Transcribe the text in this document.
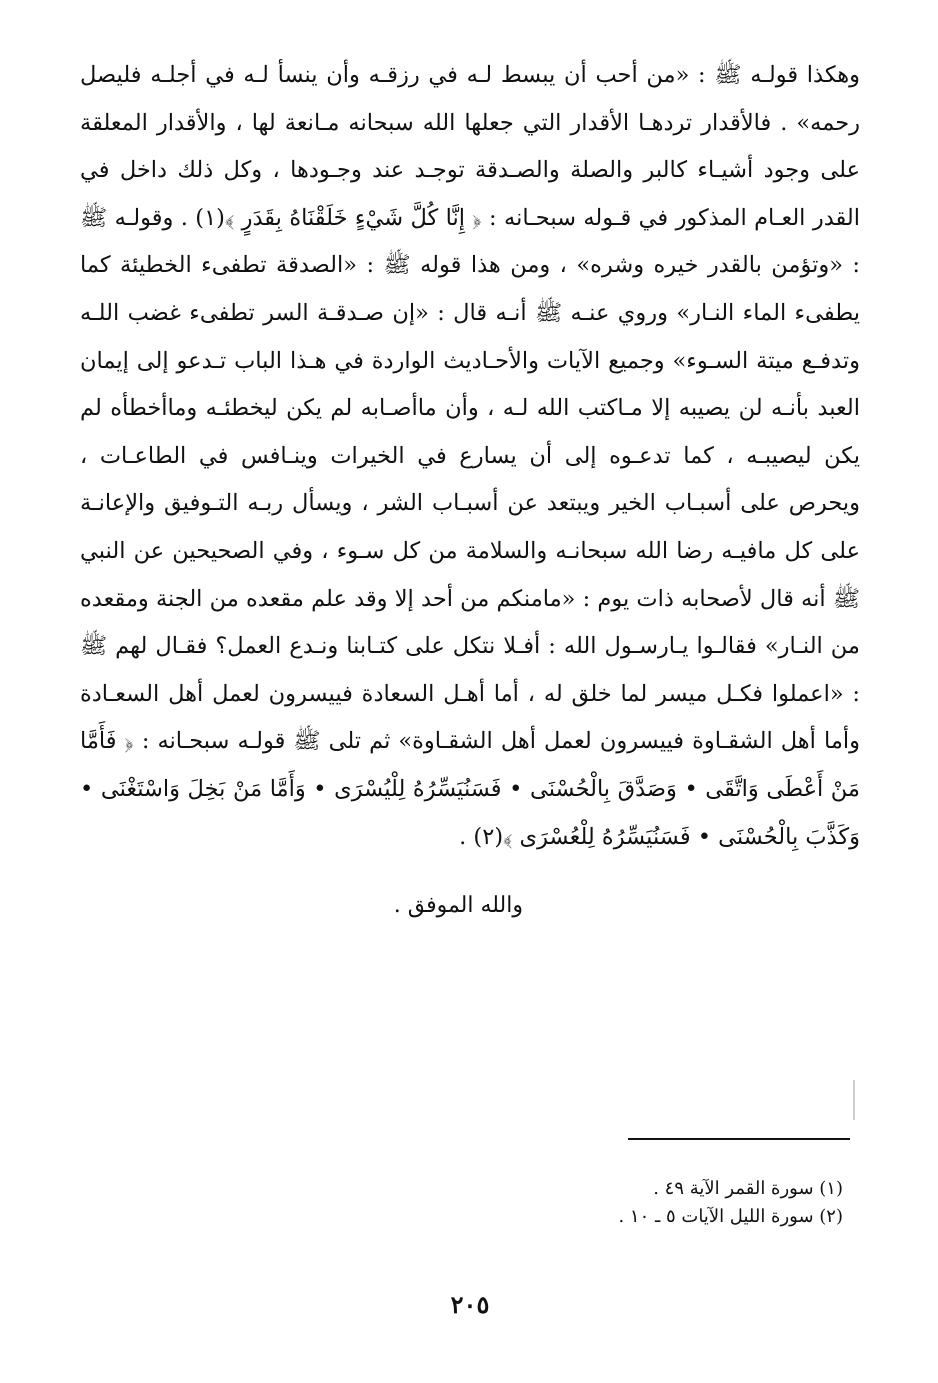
وهكذا قولـه ﷺ : «من أحب أن يبسط لـه في رزقـه وأن ينسأ لـه في أجلـه فليصل رحمه» . فالأقدار تردهـا الأقدار التي جعلها الله سبحانه مـانعة لها ، والأقدار المعلقة على وجود أشيـاء كالبر والصلة والصـدقة توجـد عند وجـودها ، وكل ذلك داخل في القدر العـام المذكور في قـوله سبحـانه : ﴿ إِنَّا كُلَّ شَيْءٍ خَلَقْنَاهُ بِقَدَرٍ ﴾(١) . وقولـه ﷺ : «وتؤمن بالقدر خيره وشره» ، ومن هذا قوله ﷺ : «الصدقة تطفىء الخطيئة كما يطفىء الماء النـار» وروي عنـه ﷺ أنـه قال : «إن صـدقـة السر تطفىء غضب اللـه وتدفـع ميتة السـوء» وجميع الآيات والأحـاديث الواردة في هـذا الباب تـدعو إلى إيمان العبد بأنـه لن يصيبه إلا مـاكتب الله لـه ، وأن ماأصـابه لم يكن ليخطئـه وماأخطأه لم يكن ليصيبـه ، كما تدعـوه إلى أن يسارع في الخيرات وينـافس في الطاعـات ، ويحرص على أسبـاب الخير ويبتعد عن أسبـاب الشر ، ويسأل ربـه التـوفيق والإعانـة على كل مافيـه رضا الله سبحانـه والسلامة من كل سـوء ، وفي الصحيحين عن النبي ﷺ أنه قال لأصحابه ذات يوم : «مامنكم من أحد إلا وقد علم مقعده من الجنة ومقعده من النـار» فقالـوا يـارسـول الله : أفـلا نتكل على كتـابنا ونـدع العمل؟ فقـال لهم ﷺ : «اعملوا فكـل ميسر لما خلق له ، أما أهـل السعادة فييسرون لعمل أهل السعـادة وأما أهل الشقـاوة فييسرون لعمل أهل الشقـاوة» ثم تلى ﷺ قولـه سبحـانه : ﴿ فَأَمَّا مَنْ أَعْطَى وَاتَّقَى • وَصَدَّقَ بِالْحُسْنَى • فَسَنُيَسِّرُهُ لِلْيُسْرَى • وَأَمَّا مَنْ بَخِلَ وَاسْتَغْنَى • وَكَذَّبَ بِالْحُسْنَى • فَسَنُيَسِّرُهُ لِلْعُسْرَى ﴾(٢) .

والله الموفق .
(١) سورة القمر الآية ٤٩ .
(٢) سورة الليل الآيات ٥ ـ ١٠ .
٢٠٥
